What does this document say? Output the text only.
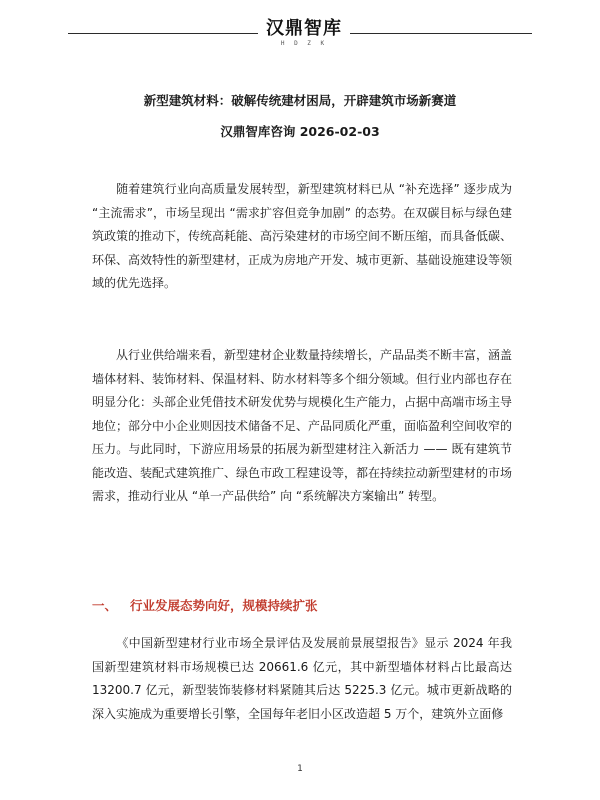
汉鼎智库
H D Z K
新型建筑材料：破解传统建材困局，开辟建筑市场新赛道
汉鼎智库咨询 2026-02-03
随着建筑行业向高质量发展转型，新型建筑材料已从 “补充选择” 逐步成为 “主流需求”，市场呈现出 “需求扩容但竞争加剧” 的态势。在双碳目标与绿色建筑政策的推动下，传统高耗能、高污染建材的市场空间不断压缩，而具备低碳、环保、高效特性的新型建材，正成为房地产开发、城市更新、基础设施建设等领域的优先选择。
从行业供给端来看，新型建材企业数量持续增长，产品品类不断丰富，涵盖墙体材料、装饰材料、保温材料、防水材料等多个细分领域。但行业内部也存在明显分化：头部企业凭借技术研发优势与规模化生产能力，占据中高端市场主导地位；部分中小企业则因技术储备不足、产品同质化严重，面临盈利空间收窄的压力。与此同时，下游应用场景的拓展为新型建材注入新活力 —— 既有建筑节能改造、装配式建筑推广、绿色市政工程建设等，都在持续拉动新型建材的市场需求，推动行业从 “单一产品供给” 向 “系统解决方案输出” 转型。
一、 行业发展态势向好，规模持续扩张
《中国新型建材行业市场全景评估及发展前景展望报告》显示 2024 年我国新型建筑材料市场规模已达 20661.6 亿元，其中新型墙体材料占比最高达 13200.7 亿元，新型装饰装修材料紧随其后达 5225.3 亿元。城市更新战略的深入实施成为重要增长引擎，全国每年老旧小区改造超 5 万个，建筑外立面修
1
